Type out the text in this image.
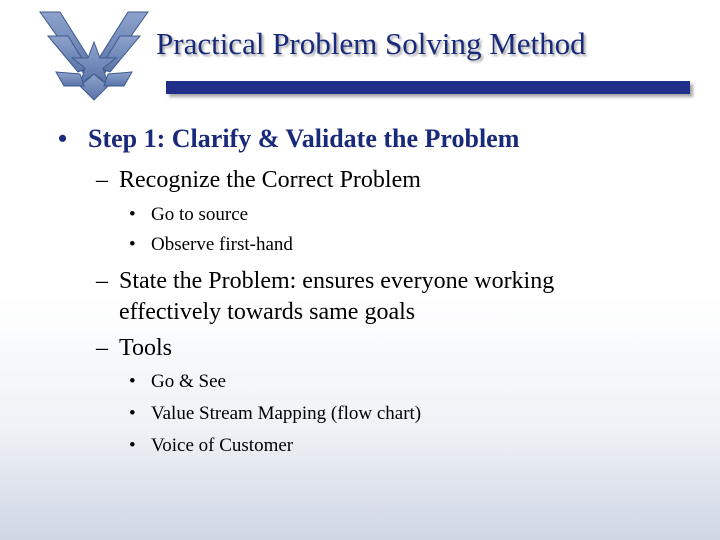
Practical Problem Solving Method
• Step 1: Clarify & Validate the Problem
– Recognize the Correct Problem
• Go to source
• Observe first-hand
– State the Problem: ensures everyone working
effectively towards same goals
– Tools
• Go & See
• Value Stream Mapping (flow chart)
• Voice of Customer
